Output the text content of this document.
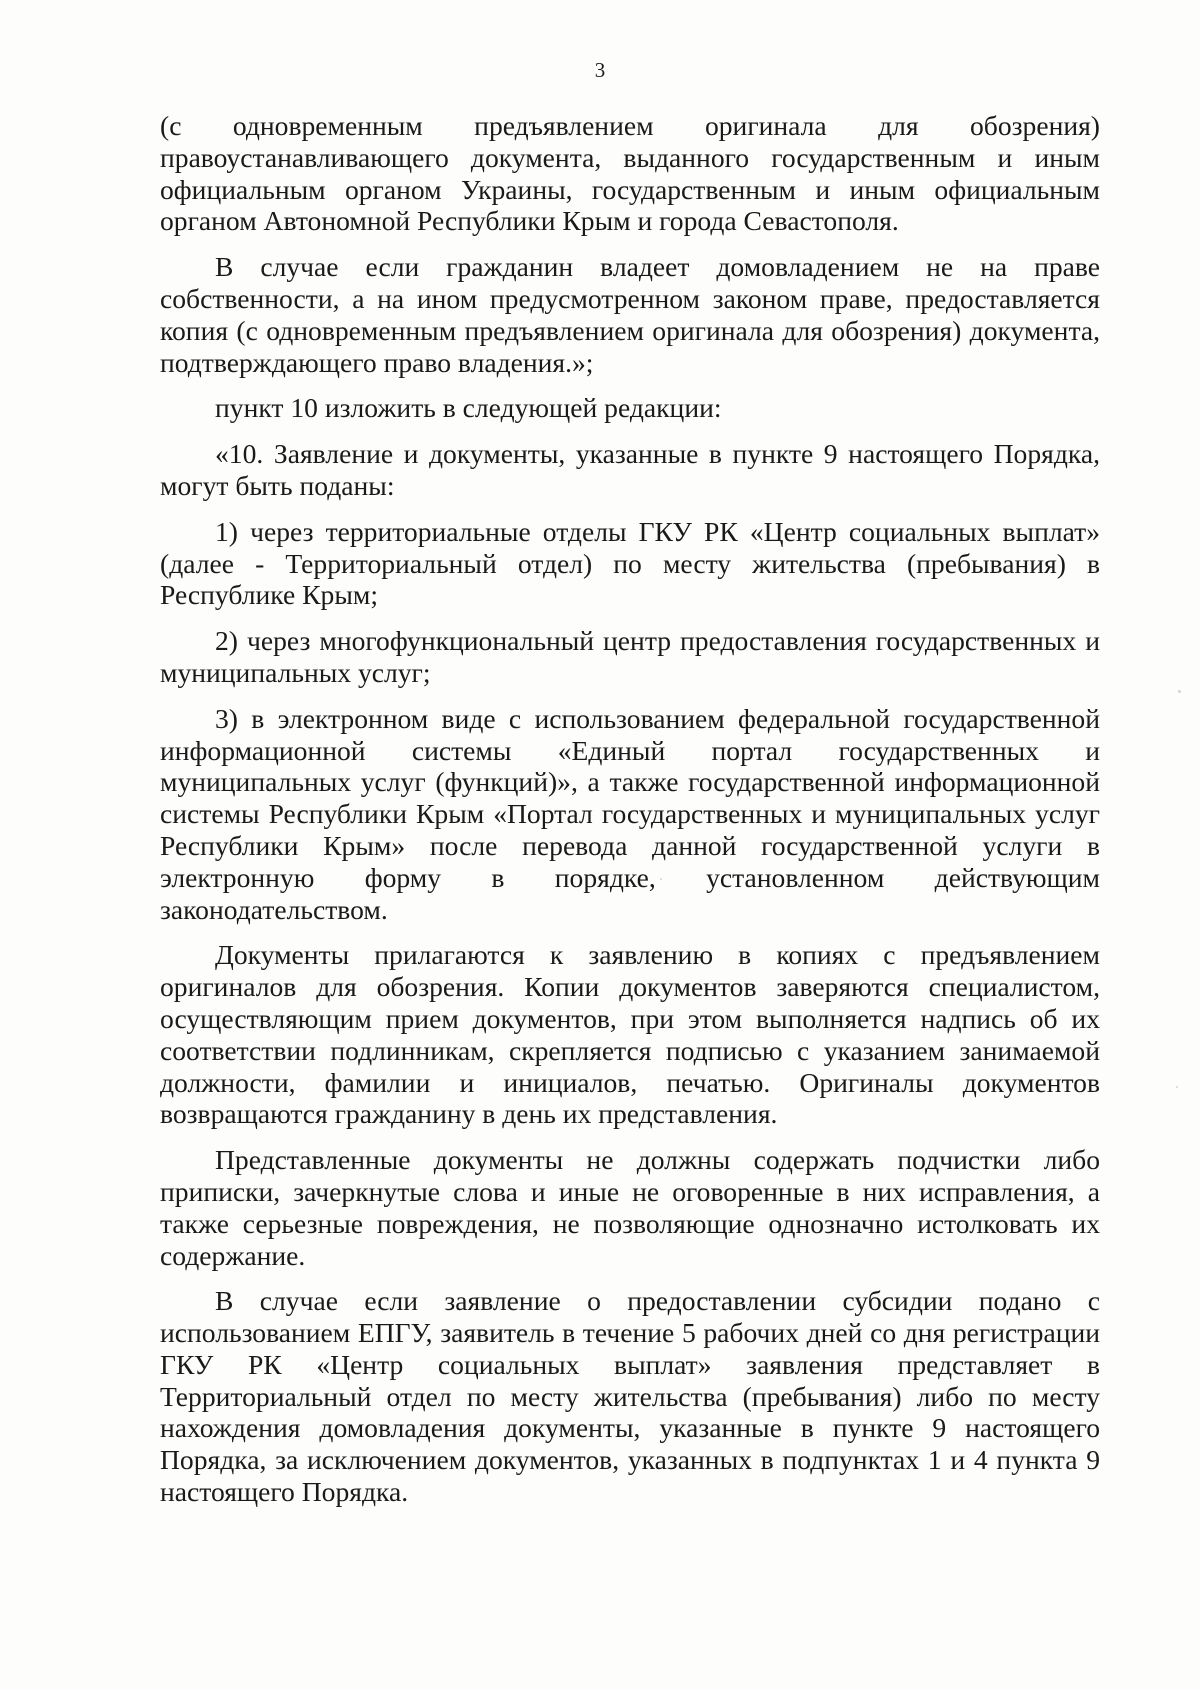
3

(с одновременным предъявлением оригинала для обозрения) правоустанавливающего документа, выданного государственным и иным официальным органом Украины, государственным и иным официальным органом Автономной Республики Крым и города Севастополя.

В случае если гражданин владеет домовладением не на праве собственности, а на ином предусмотренном законом праве, предоставляется копия (с одновременным предъявлением оригинала для обозрения) документа, подтверждающего право владения.»;

пункт 10 изложить в следующей редакции:

«10. Заявление и документы, указанные в пункте 9 настоящего Порядка, могут быть поданы:

1) через территориальные отделы ГКУ РК «Центр социальных выплат» (далее - Территориальный отдел) по месту жительства (пребывания) в Республике Крым;

2) через многофункциональный центр предоставления государственных и муниципальных услуг;

3) в электронном виде с использованием федеральной государственной информационной системы «Единый портал государственных и муниципальных услуг (функций)», а также государственной информационной системы Республики Крым «Портал государственных и муниципальных услуг Республики Крым» после перевода данной государственной услуги в электронную форму в порядке, установленном действующим законодательством.

Документы прилагаются к заявлению в копиях с предъявлением оригиналов для обозрения. Копии документов заверяются специалистом, осуществляющим прием документов, при этом выполняется надпись об их соответствии подлинникам, скрепляется подписью с указанием занимаемой должности, фамилии и инициалов, печатью. Оригиналы документов возвращаются гражданину в день их представления.

Представленные документы не должны содержать подчистки либо приписки, зачеркнутые слова и иные не оговоренные в них исправления, а также серьезные повреждения, не позволяющие однозначно истолковать их содержание.

В случае если заявление о предоставлении субсидии подано с использованием ЕПГУ, заявитель в течение 5 рабочих дней со дня регистрации ГКУ РК «Центр социальных выплат» заявления представляет в Территориальный отдел по месту жительства (пребывания) либо по месту нахождения домовладения документы, указанные в пункте 9 настоящего Порядка, за исключением документов, указанных в подпунктах 1 и 4 пункта 9 настоящего Порядка.
